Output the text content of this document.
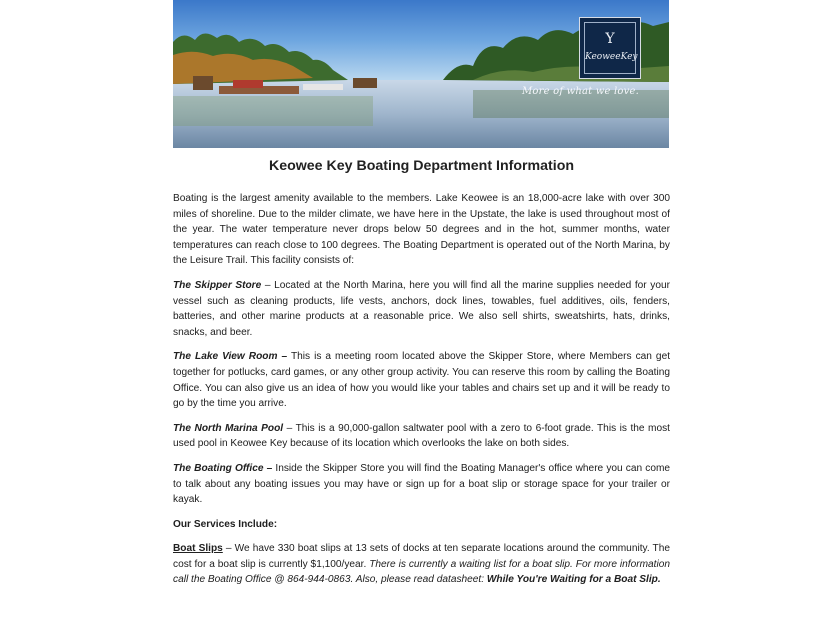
Y
KeoweeKey
More of what we love.
Keowee Key Boating Department Information

Boating is the largest amenity available to the members. Lake Keowee is an 18,000-acre lake with over 300 miles of shoreline. Due to the milder climate, we have here in the Upstate, the lake is used throughout most of the year. The water temperature never drops below 50 degrees and in the hot, summer months, water temperatures can reach close to 100 degrees. The Boating Department is operated out of the North Marina, by the Leisure Trail. This facility consists of:

The Skipper Store – Located at the North Marina, here you will find all the marine supplies needed for your vessel such as cleaning products, life vests, anchors, dock lines, towables, fuel additives, oils, fenders, batteries, and other marine products at a reasonable price. We also sell shirts, sweatshirts, hats, drinks, snacks, and beer.

The Lake View Room – This is a meeting room located above the Skipper Store, where Members can get together for potlucks, card games, or any other group activity. You can reserve this room by calling the Boating Office. You can also give us an idea of how you would like your tables and chairs set up and it will be ready to go by the time you arrive.

The North Marina Pool – This is a 90,000-gallon saltwater pool with a zero to 6-foot grade. This is the most used pool in Keowee Key because of its location which overlooks the lake on both sides.

The Boating Office – Inside the Skipper Store you will find the Boating Manager's office where you can come to talk about any boating issues you may have or sign up for a boat slip or storage space for your trailer or kayak.

Our Services Include:

Boat Slips – We have 330 boat slips at 13 sets of docks at ten separate locations around the community. The cost for a boat slip is currently $1,100/year. There is currently a waiting list for a boat slip. For more information call the Boating Office @ 864-944-0863. Also, please read datasheet: While You're Waiting for a Boat Slip.
